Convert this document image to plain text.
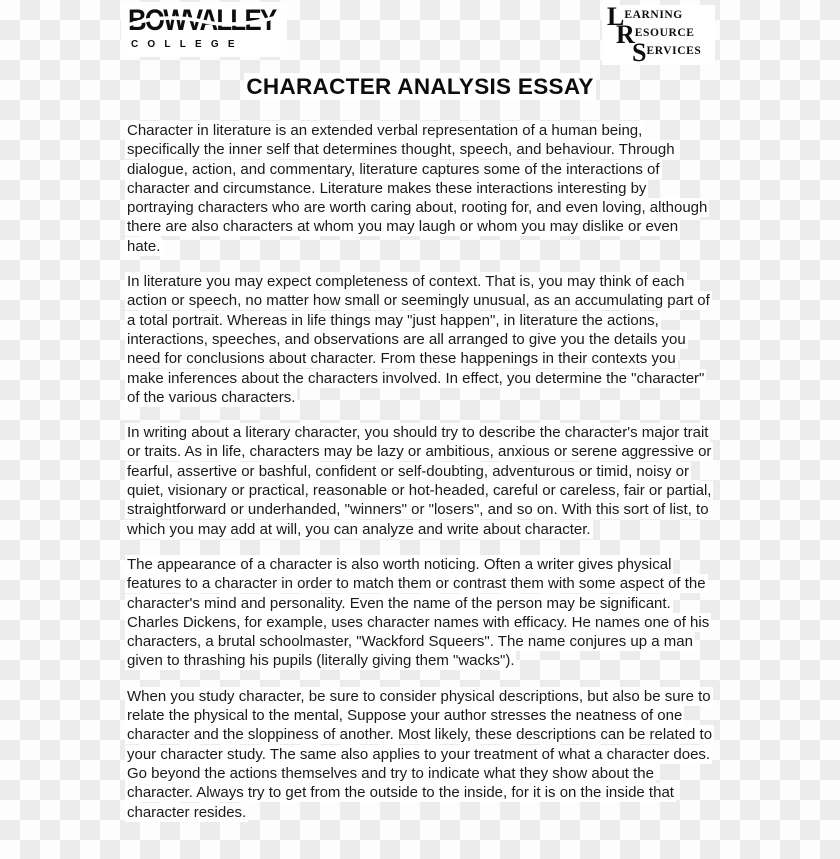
BOWVALLEY
COLLEGE
$L^{EARNING}$
$R^{ESOURCE}$
$S^{ERVICES}$
CHARACTER ANALYSIS ESSAY

Character in literature is an extended verbal representation of a human being, specifically the inner self that determines thought, speech, and behaviour. Through dialogue, action, and commentary, literature captures some of the interactions of character and circumstance. Literature makes these interactions interesting by portraying characters who are worth caring about, rooting for, and even loving, although there are also characters at whom you may laugh or whom you may dislike or even hate.

In literature you may expect completeness of context. That is, you may think of each action or speech, no matter how small or seemingly unusual, as an accumulating part of a total portrait. Whereas in life things may "just happen", in literature the actions, interactions, speeches, and observations are all arranged to give you the details you need for conclusions about character. From these happenings in their contexts you make inferences about the characters involved. In effect, you determine the "character" of the various characters.

In writing about a literary character, you should try to describe the character's major trait or traits. As in life, characters may be lazy or ambitious, anxious or serene aggressive or fearful, assertive or bashful, confident or self-doubting, adventurous or timid, noisy or quiet, visionary or practical, reasonable or hot-headed, careful or careless, fair or partial, straightforward or underhanded, "winners" or "losers", and so on. With this sort of list, to which you may add at will, you can analyze and write about character.

The appearance of a character is also worth noticing. Often a writer gives physical features to a character in order to match them or contrast them with some aspect of the character's mind and personality. Even the name of the person may be significant. Charles Dickens, for example, uses character names with efficacy. He names one of his characters, a brutal schoolmaster, "Wackford Squeers". The name conjures up a man given to thrashing his pupils (literally giving them "wacks").

When you study character, be sure to consider physical descriptions, but also be sure to relate the physical to the mental, Suppose your author stresses the neatness of one character and the sloppiness of another. Most likely, these descriptions can be related to your character study. The same also applies to your treatment of what a character does. Go beyond the actions themselves and try to indicate what they show about the character. Always try to get from the outside to the inside, for it is on the inside that character resides.
